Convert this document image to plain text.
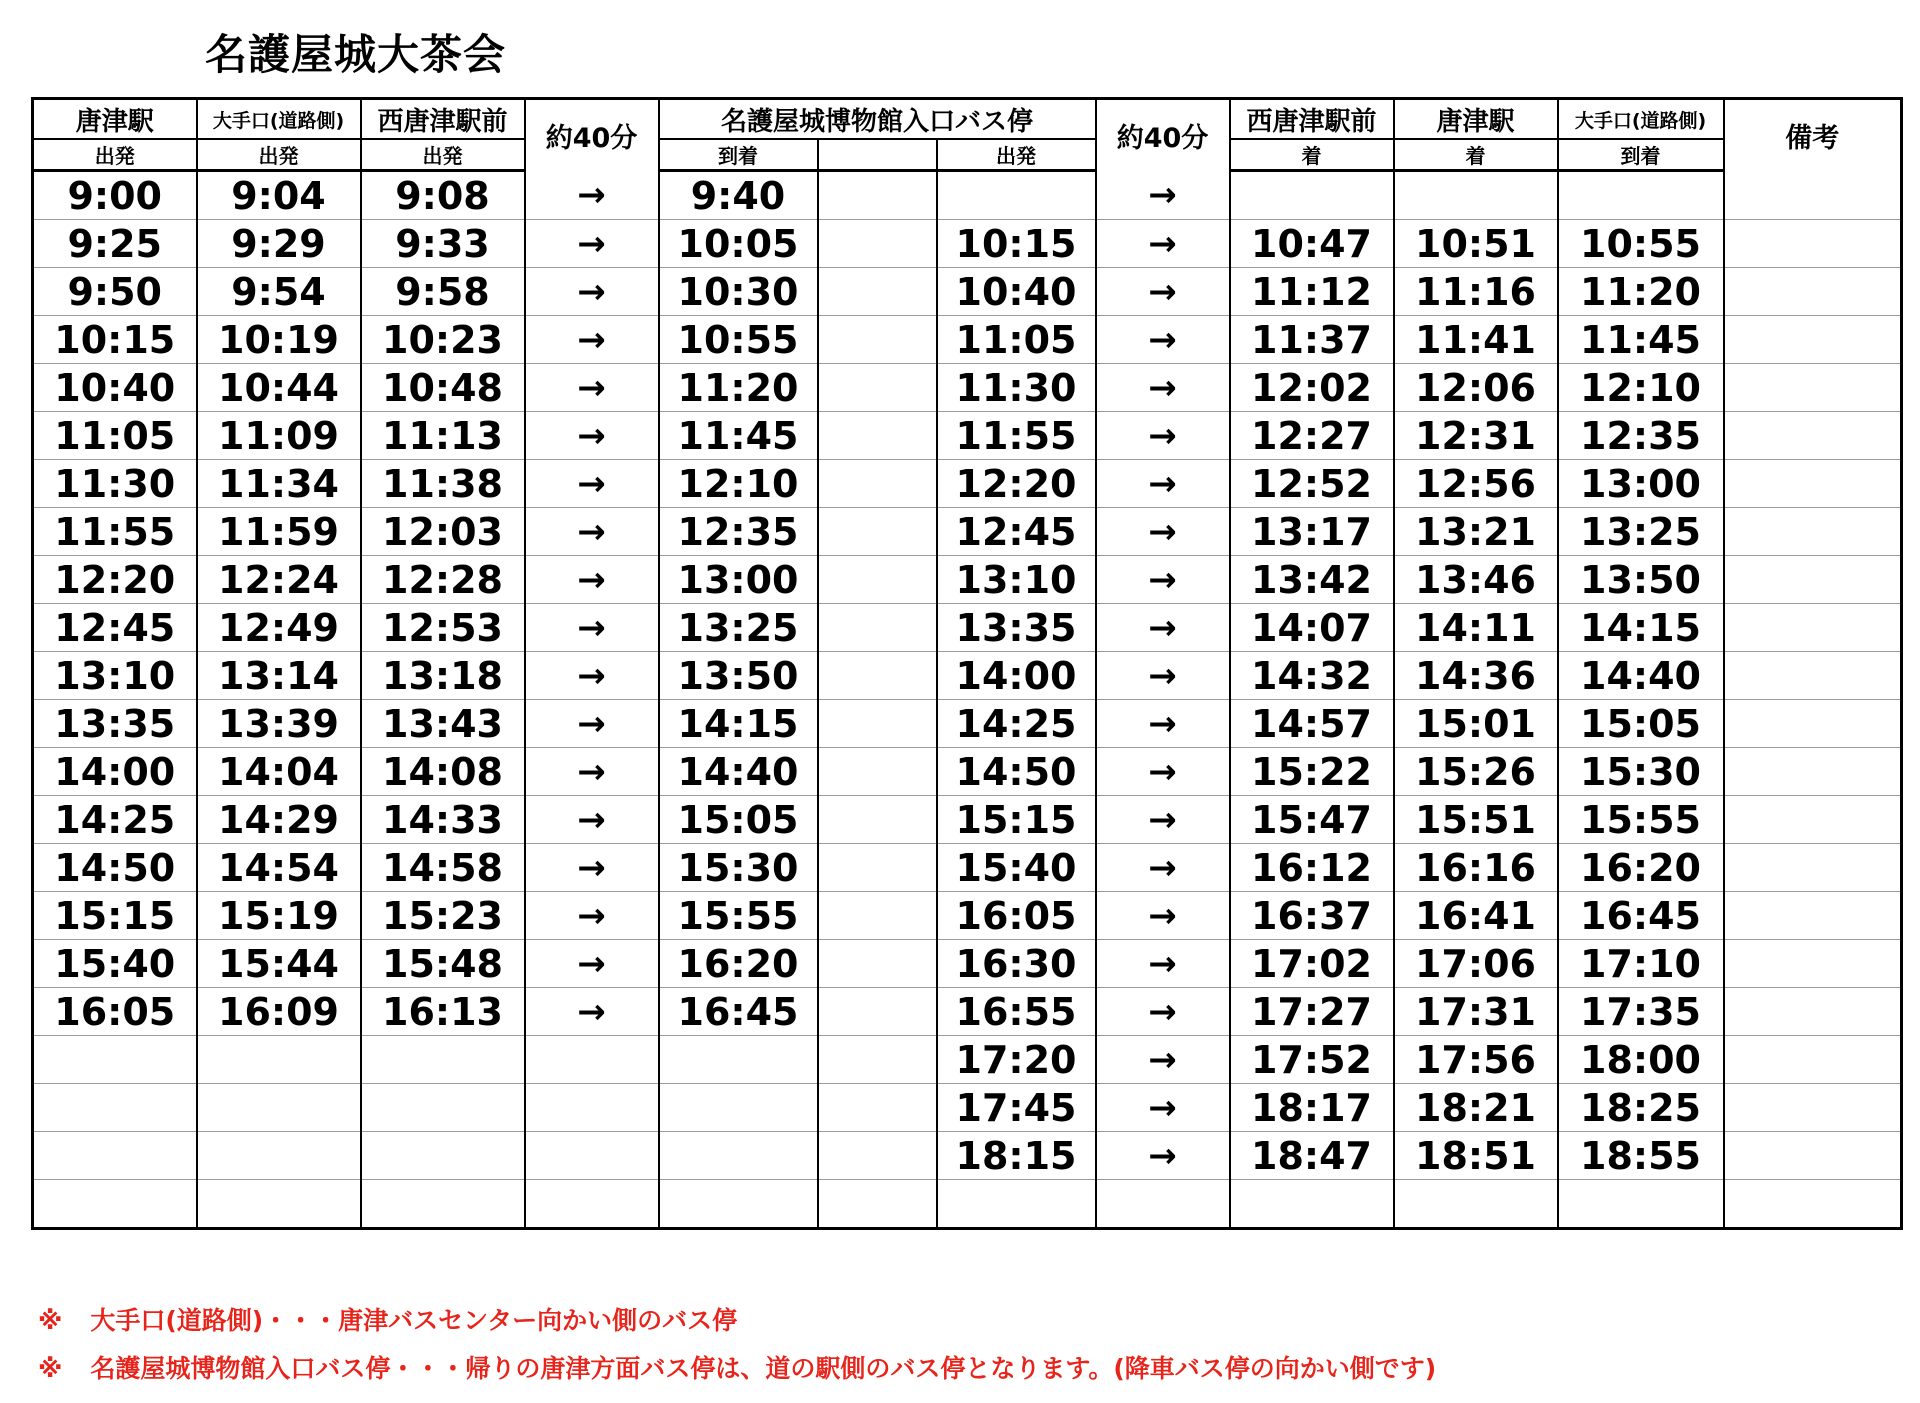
名護屋城大茶会
唐津駅	大手口(道路側)	西唐津駅前	約40分	名護屋城博物館入口バス停			約40分	西唐津駅前	唐津駅	大手口(道路側)	備考
出発	出発	出発		到着		出発		着	着	到着	
9:00	9:04	9:08	→	9:40			→				
9:25	9:29	9:33	→	10:05		10:15	→	10:47	10:51	10:55	
9:50	9:54	9:58	→	10:30		10:40	→	11:12	11:16	11:20	
10:15	10:19	10:23	→	10:55		11:05	→	11:37	11:41	11:45	
10:40	10:44	10:48	→	11:20		11:30	→	12:02	12:06	12:10	
11:05	11:09	11:13	→	11:45		11:55	→	12:27	12:31	12:35	
11:30	11:34	11:38	→	12:10		12:20	→	12:52	12:56	13:00	
11:55	11:59	12:03	→	12:35		12:45	→	13:17	13:21	13:25	
12:20	12:24	12:28	→	13:00		13:10	→	13:42	13:46	13:50	
12:45	12:49	12:53	→	13:25		13:35	→	14:07	14:11	14:15	
13:10	13:14	13:18	→	13:50		14:00	→	14:32	14:36	14:40	
13:35	13:39	13:43	→	14:15		14:25	→	14:57	15:01	15:05	
14:00	14:04	14:08	→	14:40		14:50	→	15:22	15:26	15:30	
14:25	14:29	14:33	→	15:05		15:15	→	15:47	15:51	15:55	
14:50	14:54	14:58	→	15:30		15:40	→	16:12	16:16	16:20	
15:15	15:19	15:23	→	15:55		16:05	→	16:37	16:41	16:45	
15:40	15:44	15:48	→	16:20		16:30	→	17:02	17:06	17:10	
16:05	16:09	16:13	→	16:45		16:55	→	17:27	17:31	17:35	
						17:20	→	17:52	17:56	18:00	
						17:45	→	18:17	18:21	18:25	
						18:15	→	18:47	18:51	18:55	

※ 大手口(道路側)・・・唐津バスセンター向かい側のバス停
※ 名護屋城博物館入口バス停・・・帰りの唐津方面バス停は、道の駅側のバス停となります。(降車バス停の向かい側です)
